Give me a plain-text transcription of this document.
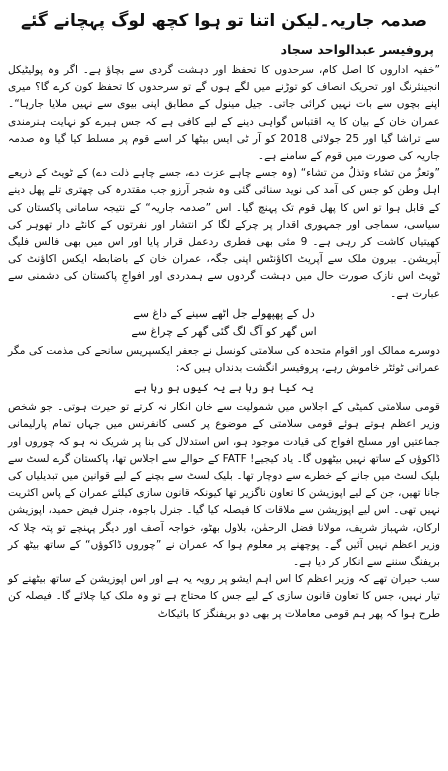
صدمہ جاریہ۔لیکن اتنا تو ہوا کچھ لوگ پہچانے گئے
پروفیسر عبدالواحد سجاد

”خفیہ اداروں کا اصل کام، سرحدوں کا تحفظ اور دہشت گردی سے بچاؤ ہے۔ اگر وہ پولیٹیکل انجینئرنگ اور تحریک انصاف کو توڑنے میں لگے ہوں گے تو سرحدوں کا تحفظ کون کرے گا؟ میری اپنے بچوں سے بات نہیں کرائی جاتی۔ جیل مینول کے مطابق اپنی بیوی سے نہیں ملایا جارہا“۔ عمران خان کے بیان کا یہ اقتباس گواہی دینے کے لیے کافی ہے کہ جس ہیرے کو نہایت ہنرمندی سے تراشا گیا اور 25 جولائی 2018 کو آر ٹی ایس بیٹھا کر اسے قوم پر مسلط کیا گیا وہ صدمہ جاریہ کی صورت میں قوم کے سامنے ہے۔

”وتعزُ من تشاء وتذلُ من تشاء“ (وہ جسے چاہے عزت دے، جسے چاہے ذلت دے) کے ٹویٹ کے ذریعے اہل وطن کو جس کی آمد کی نوید سنائی گئی وہ شجر آرزو جب مقتدرہ کی چھتری تلے پھل دینے کے قابل ہوا تو اس کا پھل قوم تک پہنچ گیا۔ اس ”صدمہ جاریہ“ کے نتیجہ سامانی پاکستان کی سیاسی، سماجی اور جمہوری اقدار پر چرکے لگا کر انتشار اور نفرتوں کے کانٹے دار تھوہر کی کھیتیاں کاشت کر رہی ہے۔ 9 مئی بھی فطری ردعمل قرار پایا اور اس میں بھی فالس فلیگ آپریشن۔ بیرون ملک سے آپریٹ اکاؤنٹس اپنی جگہ، عمران خان کے باضابطہ ایکس اکاؤنٹ کی ٹویٹ اس نازک صورت حال میں دہشت گردوں سے ہمدردی اور افواجِ پاکستان کی دشمنی سے عبارت ہے۔

دل کے پھپھولے جل اٹھے سینے کے داغ سے
اس گھر کو آگ لگ گئی گھر کے چراغ سے

دوسرے ممالک اور اقوام متحدہ کی سلامتی کونسل نے جعفر ایکسپریس سانحے کی مذمت کی مگر عمرانی ٹوئٹر خاموش رہے، پروفیسر انگشت بدنداں ہیں کہ:

یہ کیا ہو رہا ہے یہ کیوں ہو رہا ہے

قومی سلامتی کمیٹی کے اجلاس میں شمولیت سے خان انکار نہ کرتے تو حیرت ہوتی۔ جو شخص وزیر اعظم ہوتے ہوئے قومی سلامتی کے موضوع پر کسی کانفرنس میں جہاں تمام پارلیمانی جماعتیں اور مسلح افواج کی قیادت موجود ہو، اس استدلال کی بنا پر شریک نہ ہو کہ چوروں اور ڈاکوؤں کے ساتھ نہیں بیٹھوں گا۔ یاد کیجیے! FATF کے حوالے سے اجلاس تھا، پاکستان گرے لسٹ سے بلیک لسٹ میں جانے کے خطرے سے دوچار تھا۔ بلیک لسٹ سے بچنے کے لیے قوانین میں تبدیلیاں کی جانا تھیں، جن کے لیے اپوزیشن کا تعاون ناگزیر تھا کیونکہ قانون سازی کیلئے عمران کے پاس اکثریت نہیں تھی۔ اس لیے اپوزیشن سے ملاقات کا فیصلہ کیا گیا۔ جنرل باجوہ، جنرل فیض حمید، اپوزیشن ارکان، شہباز شریف، مولانا فضل الرحمٰن، بلاول بھٹو، خواجہ آصف اور دیگر پہنچے تو پتہ چلا کہ وزیر اعظم نہیں آئیں گے۔ پوچھنے پر معلوم ہوا کہ عمران نے ”چوروں ڈاکوؤں“ کے ساتھ بیٹھ کر بریفنگ سننے سے انکار کر دیا ہے۔

سب حیران تھے کہ وزیر اعظم کا اس اہم ایشو پر رویہ یہ ہے اور اس اپوزیشن کے ساتھ بیٹھنے کو تیار نہیں، جس کا تعاون قانون سازی کے لیے جس کا محتاج ہے تو وہ ملک کیا چلائے گا۔ فیصلہ کن طرح ہوا کہ پھر ہم قومی معاملات پر بھی دو بریفنگز کا بائیکاٹ
